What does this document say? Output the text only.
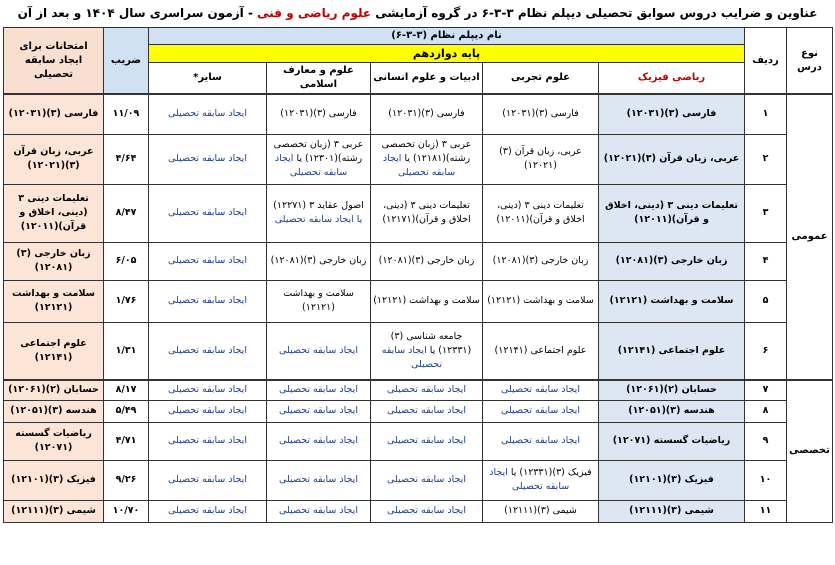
عناوین و ضرایب دروس سوابق تحصیلی دیپلم نظام ۳-۳-۶ در گروه آزمایشی علوم ریاضی و فنی - آزمون سراسری سال ۱۴۰۴ و بعد از آن
نوع درس	ردیف	نام دیپلم نظام (۳-۳-۶)					ضریب	امتحانات برای ایجاد سابقه تحصیلی
		پایه دوازدهم						
		ریاضی فیزیک	علوم تجربی	ادبیات و علوم انسانی	علوم و معارف اسلامی	سایر*		
عمومی	۱	فارسی (۳)(۱۲۰۳۱)	فارسی (۳)(۱۲۰۳۱)	فارسی (۳)(۱۲۰۳۱)	فارسی (۳)(۱۲۰۳۱)	ایجاد سابقه تحصیلی	۱۱/۰۹	فارسی (۳)(۱۲۰۳۱)
	۲	عربی، زبان قرآن (۳)(۱۲۰۲۱)	عربی، زبان قرآن (۳)(۱۲۰۲۱)	عربی ۳ (زبان تخصصی رشته)(۱۲۱۸۱) یا ایجاد سابقه تحصیلی	عربی ۳ (زبان تخصصی رشته)(۱۲۳۰۱) یا ایجاد سابقه تحصیلی	ایجاد سابقه تحصیلی	۴/۶۴	عربی، زبان قرآن (۳)(۱۲۰۲۱)
	۳	تعلیمات دینی ۳ (دینی، اخلاق و قرآن)(۱۲۰۱۱)	تعلیمات دینی ۳ (دینی، اخلاق و قرآن)(۱۲۰۱۱)	تعلیمات دینی ۳ (دینی، اخلاق و قرآن)(۱۲۱۷۱)	اصول عقاید ۳ (۱۲۲۷۱) یا ایجاد سابقه تحصیلی	ایجاد سابقه تحصیلی	۸/۴۷	تعلیمات دینی ۳ (دینی، اخلاق و قرآن)(۱۲۰۱۱)
	۴	زبان خارجی (۳)(۱۲۰۸۱)	زبان خارجی (۳)(۱۲۰۸۱)	زبان خارجی (۳)(۱۲۰۸۱)	زبان خارجی (۳)(۱۲۰۸۱)	ایجاد سابقه تحصیلی	۶/۰۵	زبان خارجی (۳) (۱۲۰۸۱)
	۵	سلامت و بهداشت (۱۲۱۲۱)	سلامت و بهداشت (۱۲۱۲۱)	سلامت و بهداشت (۱۲۱۲۱)	سلامت و بهداشت (۱۲۱۲۱)	ایجاد سابقه تحصیلی	۱/۷۶	سلامت و بهداشت (۱۲۱۲۱)
	۶	علوم اجتماعی (۱۲۱۴۱)	علوم اجتماعی (۱۲۱۴۱)	جامعه شناسی (۳) (۱۲۳۳۱) یا ایجاد سابقه تحصیلی	ایجاد سابقه تحصیلی	ایجاد سابقه تحصیلی	۱/۳۱	علوم اجتماعی (۱۲۱۴۱)
تخصصی	۷	حسابان (۲)(۱۲۰۶۱)	ایجاد سابقه تحصیلی	ایجاد سابقه تحصیلی	ایجاد سابقه تحصیلی	ایجاد سابقه تحصیلی	۸/۱۷	حسابان (۲)(۱۲۰۶۱)
	۸	هندسه (۳)(۱۲۰۵۱)	ایجاد سابقه تحصیلی	ایجاد سابقه تحصیلی	ایجاد سابقه تحصیلی	ایجاد سابقه تحصیلی	۵/۴۹	هندسه (۳)(۱۲۰۵۱)
	۹	ریاضیات گسسته (۱۲۰۷۱)	ایجاد سابقه تحصیلی	ایجاد سابقه تحصیلی	ایجاد سابقه تحصیلی	ایجاد سابقه تحصیلی	۴/۷۱	ریاضیات گسسته (۱۲۰۷۱)
	۱۰	فیزیک (۳)(۱۲۱۰۱)	فیزیک (۳)(۱۲۳۳۱) یا ایجاد سابقه تحصیلی	ایجاد سابقه تحصیلی	ایجاد سابقه تحصیلی	ایجاد سابقه تحصیلی	۹/۲۶	فیزیک (۳)(۱۲۱۰۱)
	۱۱	شیمی (۳)(۱۲۱۱۱)	شیمی (۳)(۱۲۱۱۱)	ایجاد سابقه تحصیلی	ایجاد سابقه تحصیلی	ایجاد سابقه تحصیلی	۱۰/۷۰	شیمی (۳)(۱۲۱۱۱)
